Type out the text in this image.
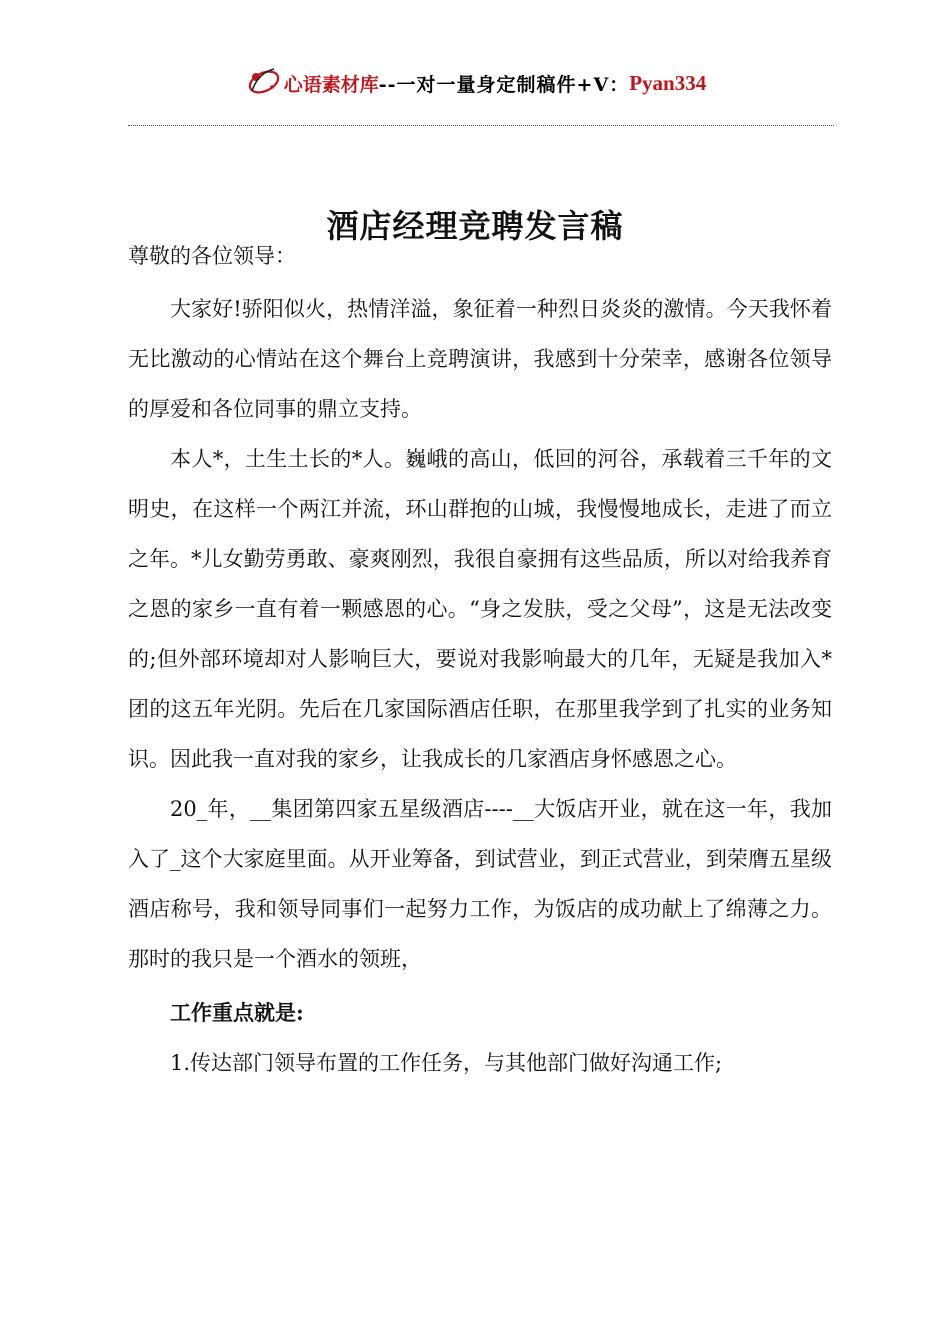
心语素材库 --一对一量身定制稿件+V： Pyan334
酒店经理竞聘发言稿

尊敬的各位领导：

大家好!骄阳似火，热情洋溢，象征着一种烈日炎炎的激情。今天我怀着无比激动的心情站在这个舞台上竞聘演讲，我感到十分荣幸，感谢各位领导的厚爱和各位同事的鼎立支持。

本人*，土生土长的*人。巍峨的高山，低回的河谷，承载着三千年的文明史，在这样一个两江并流，环山群抱的山城，我慢慢地成长，走进了而立之年。*儿女勤劳勇敢、豪爽刚烈，我很自豪拥有这些品质，所以对给我养育之恩的家乡一直有着一颗感恩的心。“身之发肤，受之父母”，这是无法改变的;但外部环境却对人影响巨大，要说对我影响最大的几年，无疑是我加入*团的这五年光阴。先后在几家国际酒店任职，在那里我学到了扎实的业务知识。因此我一直对我的家乡，让我成长的几家酒店身怀感恩之心。

20_年，__集团第四家五星级酒店----__大饭店开业，就在这一年，我加入了_这个大家庭里面。从开业筹备，到试营业，到正式营业，到荣膺五星级酒店称号，我和领导同事们一起努力工作，为饭店的成功献上了绵薄之力。那时的我只是一个酒水的领班，

工作重点就是:

1.传达部门领导布置的工作任务，与其他部门做好沟通工作;
